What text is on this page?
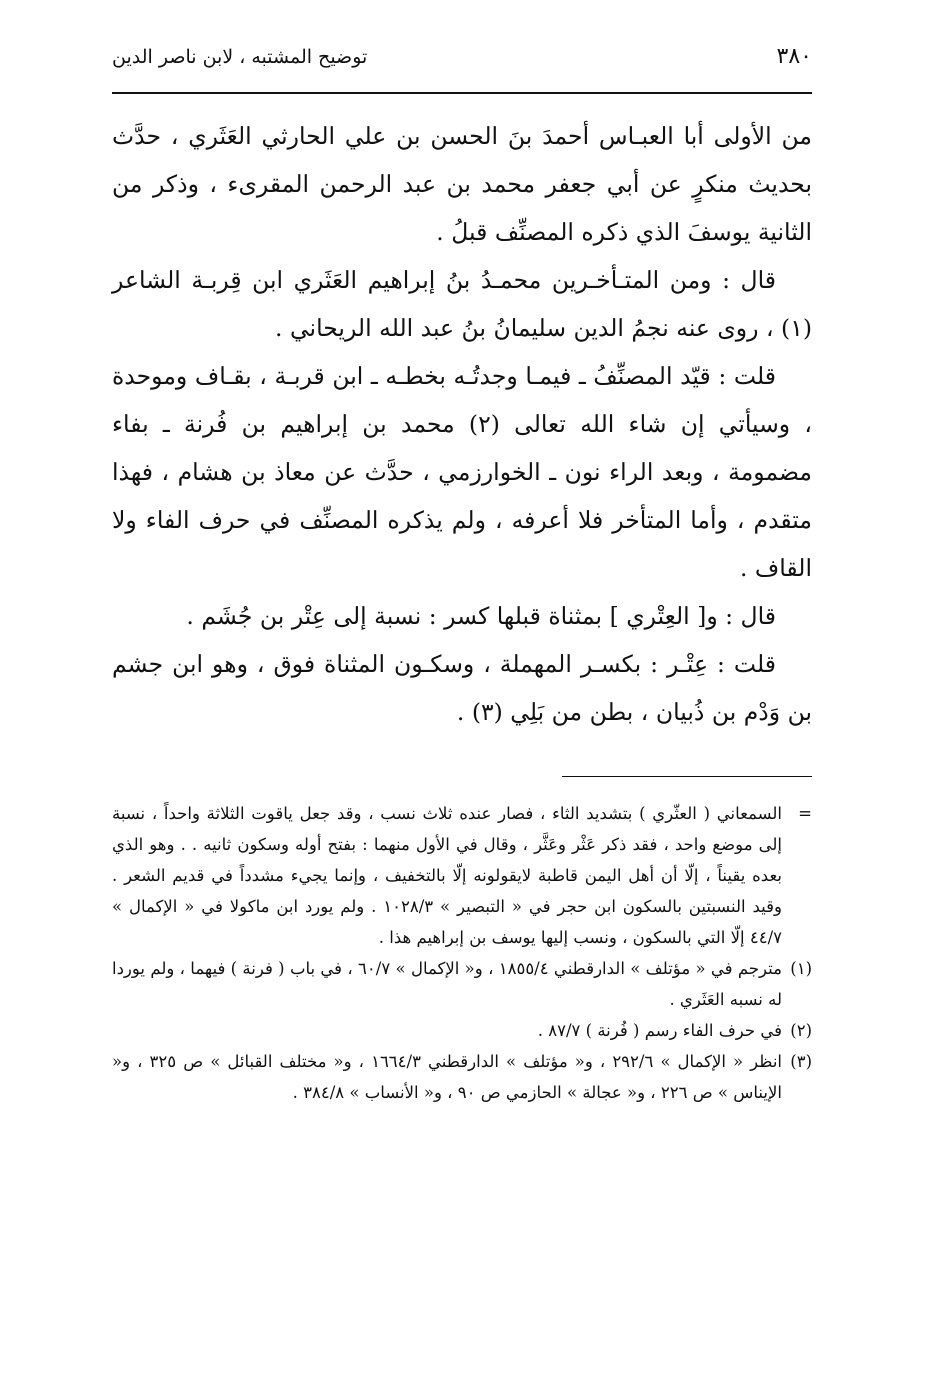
٣٨٠
توضيح المشتبه ، لابن ناصر الدين

من الأولى أبا العبـاس أحمدَ بنَ الحسن بن علي الحارثي العَثَري ، حدَّث بحديث منكرٍ عن أبي جعفر محمد بن عبد الرحمن المقرىء ، وذكر من الثانية يوسفَ الذي ذكره المصنِّف قبلُ .

قال : ومن المتـأخـرين محمـدُ بنُ إبراهيم العَثَري ابن قِربـة الشاعر (١) ، روى عنه نجمُ الدين سليمانُ بنُ عبد الله الريحاني .

قلت : قيّد المصنِّفُ ـ فيمـا وجدتُـه بخطـه ـ ابن قربـة ، بقـاف وموحدة ، وسيأتي إن شاء الله تعالى (٢) محمد بن إبراهيم بن فُرنة ـ بفاء مضمومة ، وبعد الراء نون ـ الخوارزمي ، حدَّث عن معاذ بن هشام ، فهذا متقدم ، وأما المتأخر فلا أعرفه ، ولم يذكره المصنِّف في حرف الفاء ولا القاف .

قال : و[ العِتْري ] بمثناة قبلها كسر : نسبة إلى عِتْر بن جُشَم .

قلت : عِتْـر : بكسـر المهملة ، وسكـون المثناة فوق ، وهو ابن جشم بن وَدْم بن ذُبيان ، بطن من بَلِي (٣) .

=
السمعاني ( العثّري ) بتشديد الثاء ، فصار عنده ثلاث نسب ، وقد جعل ياقوت الثلاثة واحداً ، نسبة إلى موضع واحد ، فقد ذكر عَثْر وعَثَّر ، وقال في الأول منهما : بفتح أوله وسكون ثانيه . . وهو الذي بعده يقيناً ، إلّا أن أهل اليمن قاطبة لايقولونه إلّا بالتخفيف ، وإنما يجيء مشدداً في قديم الشعر . وقيد النسبتين بالسكون ابن حجر في « التبصير » ١٠٢٨/٣ . ولم يورد ابن ماكولا في « الإكمال » ٤٤/٧ إلّا التي بالسكون ، ونسب إليها يوسف بن إبراهيم هذا .

(١)
مترجم في « مؤتلف » الدارقطني ١٨٥٥/٤ ، و« الإكمال » ٦٠/٧ ، في باب ( فرنة ) فيهما ، ولم يوردا له نسبه العَثَري .

(٢)
في حرف الفاء رسم ( فُرنة ) ٨٧/٧ .

(٣)
انظر « الإكمال » ٢٩٢/٦ ، و« مؤتلف » الدارقطني ١٦٦٤/٣ ، و« مختلف القبائل » ص ٣٢٥ ، و« الإيناس » ص ٢٢٦ ، و« عجالة » الحازمي ص ٩٠ ، و« الأنساب » ٣٨٤/٨ .
